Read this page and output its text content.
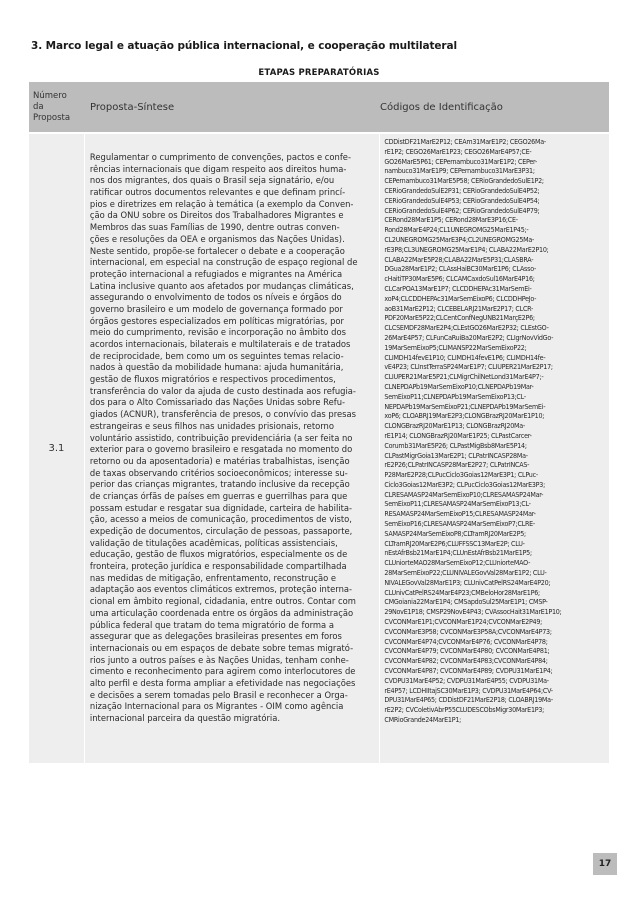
3. Marco legal e atuação pública internacional, e cooperação multilateral
ETAPAS PREPARATÓRIAS
Número
da
Proposta
Proposta-Síntese	Códigos de Identificação
3.1
Regulamentar o cumprimento de convenções, pactos e confe-
rências internacionais que digam respeito aos direitos huma-
nos dos migrantes, dos quais o Brasil seja signatário, e/ou
ratificar outros documentos relevantes e que definam princí-
pios e diretrizes em relação à temática (a exemplo da Conven-
ção da ONU sobre os Direitos dos Trabalhadores Migrantes e
Membros das suas Famílias de 1990, dentre outras conven-
ções e resoluções da OEA e organismos das Nações Unidas).
Neste sentido, propõe-se fortalecer o debate e a cooperação
internacional, em especial na construção de espaço regional de
proteção internacional a refugiados e migrantes na América
Latina inclusive quanto aos afetados por mudanças climáticas,
assegurando o envolvimento de todos os níveis e órgãos do
governo brasileiro e um modelo de governança formado por
órgãos gestores especializados em políticas migratórias, por
meio do cumprimento, revisão e incorporação no âmbito dos
acordos internacionais, bilaterais e multilaterais e de tratados
de reciprocidade, bem como um os seguintes temas relacio-
nados à questão da mobilidade humana: ajuda humanitária,
gestão de fluxos migratórios e respectivos procedimentos,
transferência do valor da ajuda de custo destinada aos refugia-
dos para o Alto Comissariado das Nações Unidas sobre Refu-
giados (ACNUR), transferência de presos, o convívio das presas
estrangeiras e seus filhos nas unidades prisionais, retorno
voluntário assistido, contribuição previdenciária (a ser feita no
exterior para o governo brasileiro e resgatada no momento do
retorno ou da aposentadoria) e matérias trabalhistas, isenção
de taxas observando critérios socioeconômicos; interesse su-
perior das crianças migrantes, tratando inclusive da recepção
de crianças órfãs de países em guerras e guerrilhas para que
possam estudar e resgatar sua dignidade, carteira de habilita-
ção, acesso a meios de comunicação, procedimentos de visto,
expedição de documentos, circulação de pessoas, passaporte,
validação de titulações acadêmicas, políticas assistenciais,
educação, gestão de fluxos migratórios, especialmente os de
fronteira, proteção jurídica e responsabilidade compartilhada
nas medidas de mitigação, enfrentamento, reconstrução e
adaptação aos eventos climáticos extremos, proteção interna-
cional em âmbito regional, cidadania, entre outros. Contar com
uma articulação coordenada entre os órgãos da administração
pública federal que tratam do tema migratório de forma a
assegurar que as delegações brasileiras presentes em foros
internacionais ou em espaços de debate sobre temas migrató-
rios junto a outros países e às Nações Unidas, tenham conhe-
cimento e reconhecimento para agirem como interlocutores de
alto perfil e desta forma ampliar a efetividade nas negociações
e decisões a serem tomadas pelo Brasil e reconhecer a Orga-
nização Internacional para os Migrantes - OIM como agência
internacional parceira da questão migratória.
CDDistDF21MarE2P12; CEAm31MarE1P2; CEGO26Ma-
rE1P2; CEGO26MarE1P23; CEGO26MarE4P57;CE-
GO26MarE5P61; CEPernambuco31MarE1P2; CEPer-
nambuco31MarE1P9; CEPernambuco31MarE3P31;
CEPernambuco31MarE5P58; CERioGrandedoSulE1P2;
CERioGrandedoSulE2P31; CERioGrandedoSulE4P52;
CERioGrandedoSulE4P53; CERioGrandedoSulE4P54;
CERioGrandedoSulE4P62; CERioGrandedoSulE4P79;
CERond28MarE1P5; CERond28MarE3P16;CE-
Rond28MarE4P24;CL1UNEGROMG25MarE1P45;-
CL2UNEGROMG25MarE3P4;CL2UNEGROMG25Ma-
rE3P8;CL3UNEGROMG25MarE1P4; CLABA22MarE2P10;
CLABA22MarE5P28;CLABA22MarE5P31;CLASBRA-
DGua28MarE1P2; CLAssHaiBC30MarE1P6; CLAsso-
cHaitiTP30MarE5P6; CLCAMCaxdoSul16MarE4P16;
CLCarPOA13MarE1P7; CLCDDHEPAc31MarSemEi-
xoP4;CLCDDHEPAc31MarSemEixoP6; CLCDDHPeJo-
aoB31MarE2P12; CLCEBELARJ21MarE2P17; CLCR-
PDF20MarE5P22;CLCentConfNegUNB21MarçE2P6;
CLCSEMDF28MarE2P4;CLEstGO26MarE2P32; CLEstGO-
26MarE4P57; CLFunCaRuiBa20MarE2P2; CLIgrNovVidGo-
19MarSemEixoP5;CLIMANSP22MarSemEixoP22;
CLIMDH14fevE1P10; CLIMDH14fevE1P6; CLIMDH14fe-
vE4P23; CLInstTerraSP24MarE1P7; CLIUPER21MarE2P17;
CLIUPER21MarE5P21;CLMigrChilNetLond31MarE4P7;-
CLNEPDAPb19MarSemEixoP10;CLNEPDAPb19Mar-
SemEixoP11;CLNEPDAPb19MarSemEixoP13;CL-
NEPDAPb19MarSemEixoP21;CLNEPDAPb19MarSemEi-
xoP6; CLOABRJ19MarE2P3;CLONGBrazRJ20MarE1P10;
CLONGBrazRJ20MarE1P13; CLONGBrazRJ20Ma-
rE1P14; CLONGBrazRJ20MarE1P25; CLPastCarcer-
Corumb31MarE5P26; CLPastMigBsb8MarE5P14;
CLPastMigrGoia13MarE2P1; CLPatrINCASP28Ma-
rE2P26;CLPatrINCASP28MarE2P27; CLPatrINCAS-
P28MarE2P28;CLPucCiclo3Goias12MarE3P1; CLPuc-
Ciclo3Goias12MarE3P2; CLPucCiclo3Goias12MarE3P3;
CLRESAMASP24MarSemEixoP10;CLRESAMASP24Mar-
SemEixoP11;CLRESAMASP24MarSemEixoP13;CL-
RESAMASP24MarSemEixoP15;CLRESAMASP24Mar-
SemEixoP16;CLRESAMASP24MarSemEixoP7;CLRE-
SAMASP24MarSemEixoP8;CLTramRJ20MarE2P5;
CLTramRJ20MarE2P6;CLUFFSSC13MarE2P; CLU-
nEstAfrBsb21MarE1P4;CLUnEstAfrBsb21MarE1P5;
CLUniorteMAO28MarSemEixoP12;CLUniorteMAO-
28MarSemEixoP22;CLUNIVALEGovVal28MarE1P2; CLU-
NIVALEGovVal28MarE1P3; CLUnivCatPelRS24MarE4P20;
CLUnivCatPelRS24MarE4P23;CMBeloHor28MarE1P6;
CMGoiania22MarE1P4; CMSapdoSul25MarE1P1; CMSP-
29NovE1P18; CMSP29NovE4P43; CVAssocHait31MarE1P10;
CVCONMarE1P1;CVCONMarE1P24;CVCONMarE2P49;
CVCONMarE3P58; CVCONMarE3P58A;CVCONMarE4P73;
CVCONMarE4P74;CVCONMarE4P76; CVCONMarE4P78;
CVCONMarE4P79; CVCONMarE4P80; CVCONMarE4P81;
CVCONMarE4P82; CVCONMarE4P83;CVCONMarE4P84;
CVCONMarE4P87; CVCONMarE4P89; CVDPU31MarE1P4;
CVDPU31MarE4P52; CVDPU31MarE4P55; CVDPU31Ma-
rE4P57; LCDHIItajSC30MarE1P3; CVDPU31MarE4P64;CV-
DPU31MarE4P65; CDDistDF21MarE2P18; CLOABRJ19Ma-
rE2P2; CVColetivAbrP55CLUDESCObsMigr30MarE1P3;
CMRioGrande24MarE1P1;
17
